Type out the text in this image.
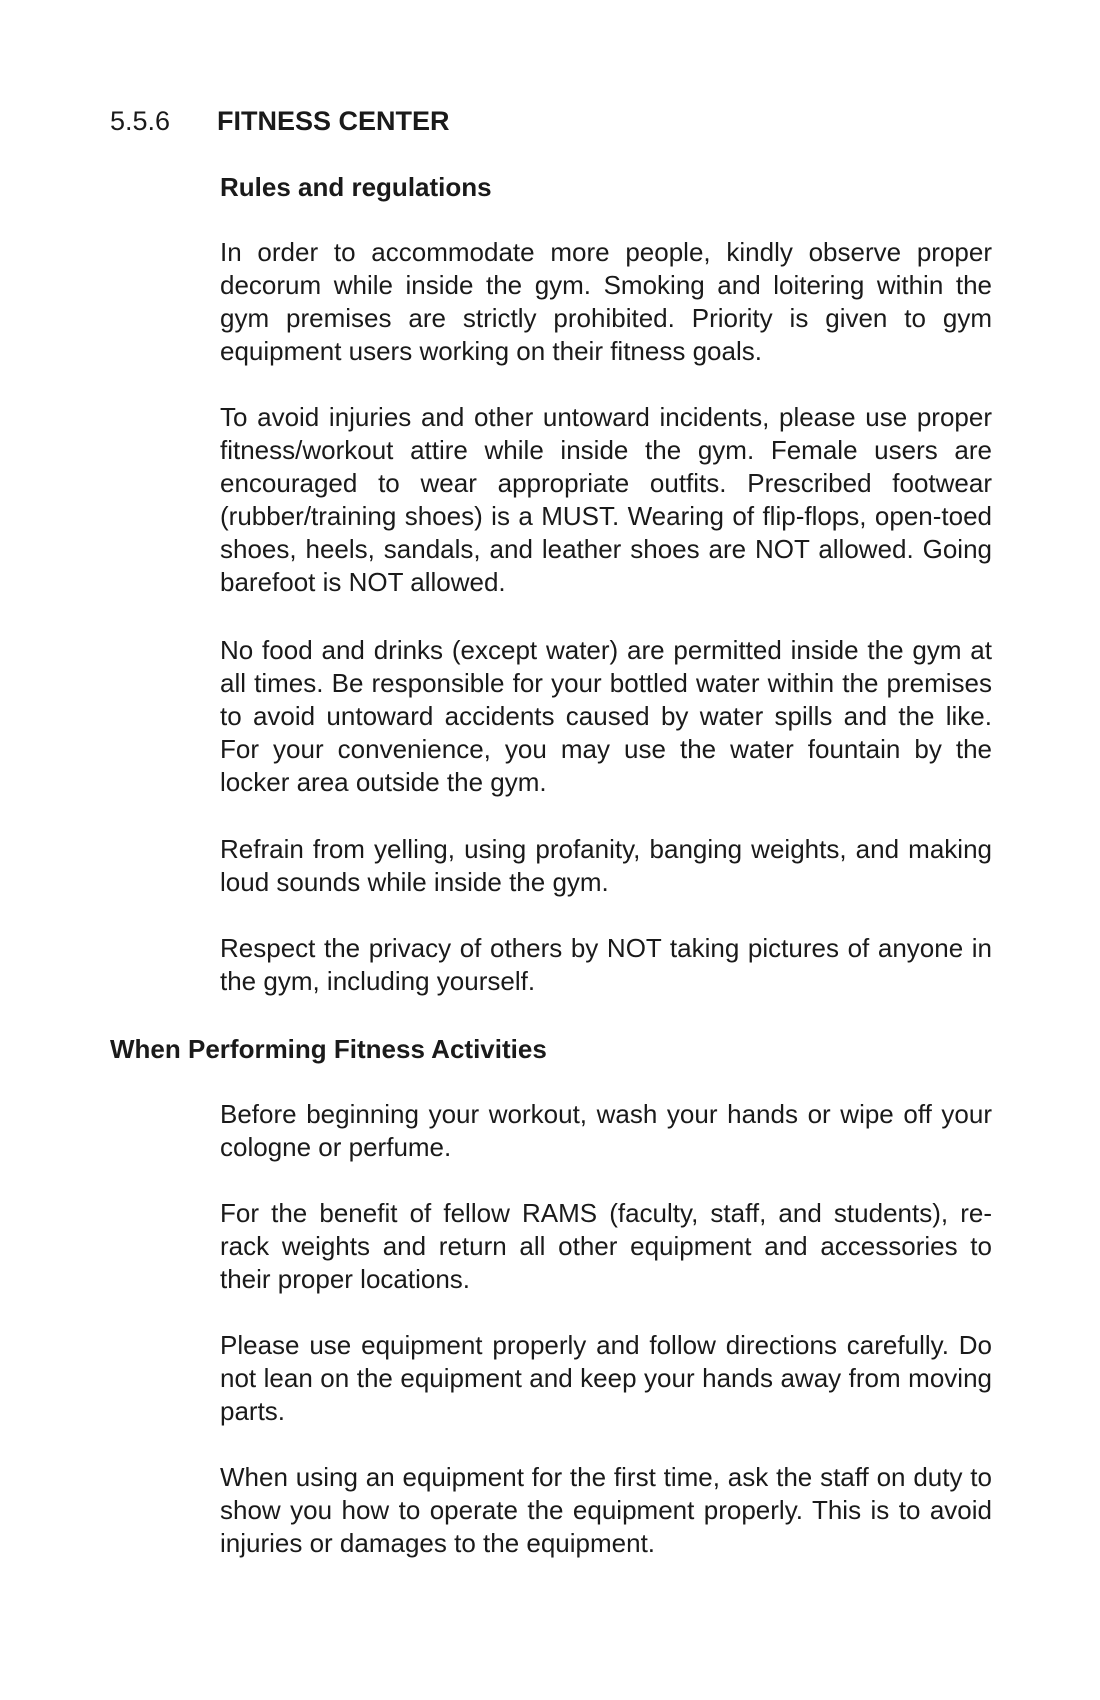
5.5.6 FITNESS CENTER
Rules and regulations

In order to accommodate more people, kindly observe proper decorum while inside the gym. Smoking and loitering within the gym premises are strictly prohibited. Priority is given to gym equipment users working on their fitness goals.

To avoid injuries and other untoward incidents, please use proper fitness/workout attire while inside the gym. Female users are encouraged to wear appropriate outfits. Prescribed footwear (rubber/training shoes) is a MUST. Wearing of flip-flops, open-toed shoes, heels, sandals, and leather shoes are NOT allowed. Going barefoot is NOT allowed.

No food and drinks (except water) are permitted inside the gym at all times. Be responsible for your bottled water within the premises to avoid untoward accidents caused by water spills and the like. For your convenience, you may use the water fountain by the locker area outside the gym.

Refrain from yelling, using profanity, banging weights, and making loud sounds while inside the gym.

Respect the privacy of others by NOT taking pictures of anyone in the gym, including yourself.

When Performing Fitness Activities

Before beginning your workout, wash your hands or wipe off your cologne or perfume.

For the benefit of fellow RAMS (faculty, staff, and students), re-rack weights and return all other equipment and accessories to their proper locations.

Please use equipment properly and follow directions carefully. Do not lean on the equipment and keep your hands away from moving parts.

When using an equipment for the first time, ask the staff on duty to show you how to operate the equipment properly. This is to avoid injuries or damages to the equipment.
